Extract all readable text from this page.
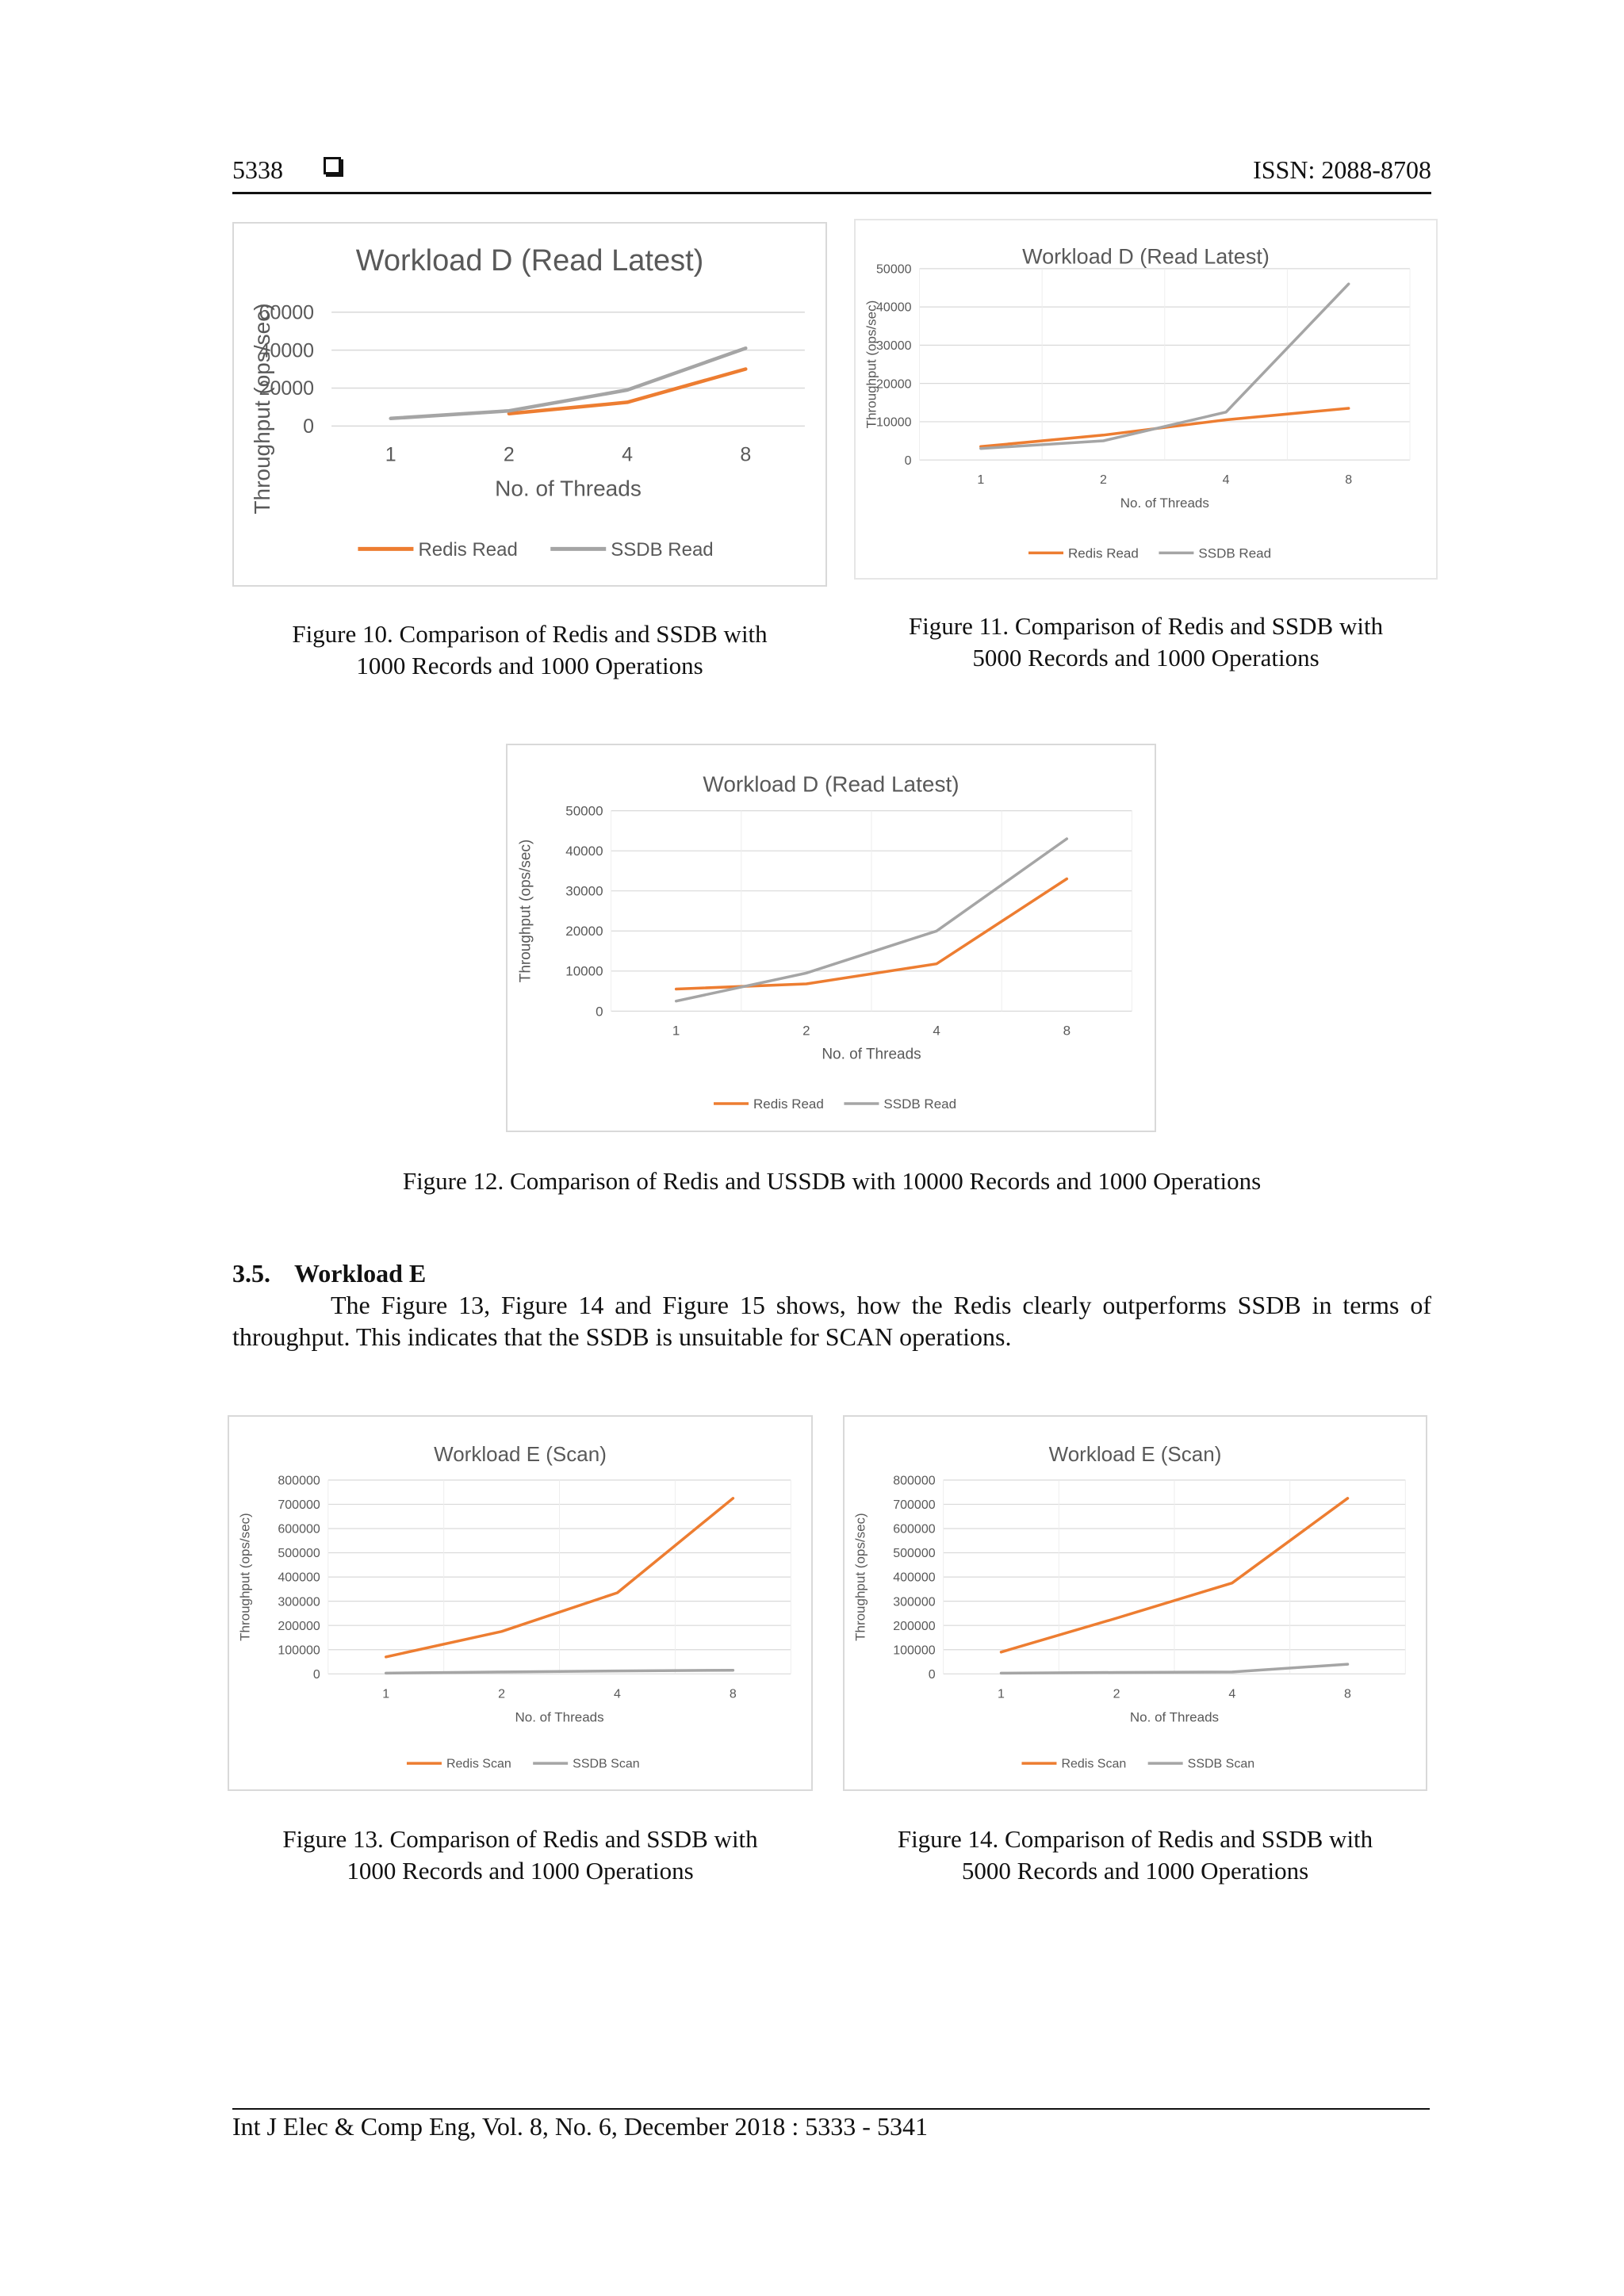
5338	ISSN: 2088-8708
Workload D (Read Latest)
0
20000
40000
60000
1	2	4	8
No. of Threads
Throughput (ops/sec)
Redis Read	SSDB Read
Workload D (Read Latest)
0
10000
20000
30000
40000
50000
1	2	4	8
No. of Threads
Throughput (ops/sec)
Redis Read	SSDB Read
Workload D (Read Latest)
0
10000
20000
30000
40000
50000
1	2	4	8
No. of Threads
Throughput (ops/sec)
Redis Read	SSDB Read
Workload E (Scan)
0
100000
200000
300000
400000
500000
600000
700000
800000
1	2	4	8
No. of Threads
Throughput (ops/sec)
Redis Scan	SSDB Scan
Workload E (Scan)
0
100000
200000
300000
400000
500000
600000
700000
800000
1	2	4	8
No. of Threads
Throughput (ops/sec)
Redis Scan	SSDB Scan
Figure 10. Comparison of Redis and SSDB with
1000 Records and 1000 Operations
Figure 11. Comparison of Redis and SSDB with
5000 Records and 1000 Operations
Figure 12. Comparison of Redis and USSDB with 10000 Records and 1000 Operations
Figure 13. Comparison of Redis and SSDB with
1000 Records and 1000 Operations
Figure 14. Comparison of Redis and SSDB with
5000 Records and 1000 Operations
3.5. Workload E
The Figure 13, Figure 14 and Figure 15 shows, how the Redis clearly outperforms SSDB in terms of
throughput. This indicates that the SSDB is unsuitable for SCAN operations.
Int J Elec & Comp Eng, Vol. 8, No. 6, December 2018 : 5333 - 5341
